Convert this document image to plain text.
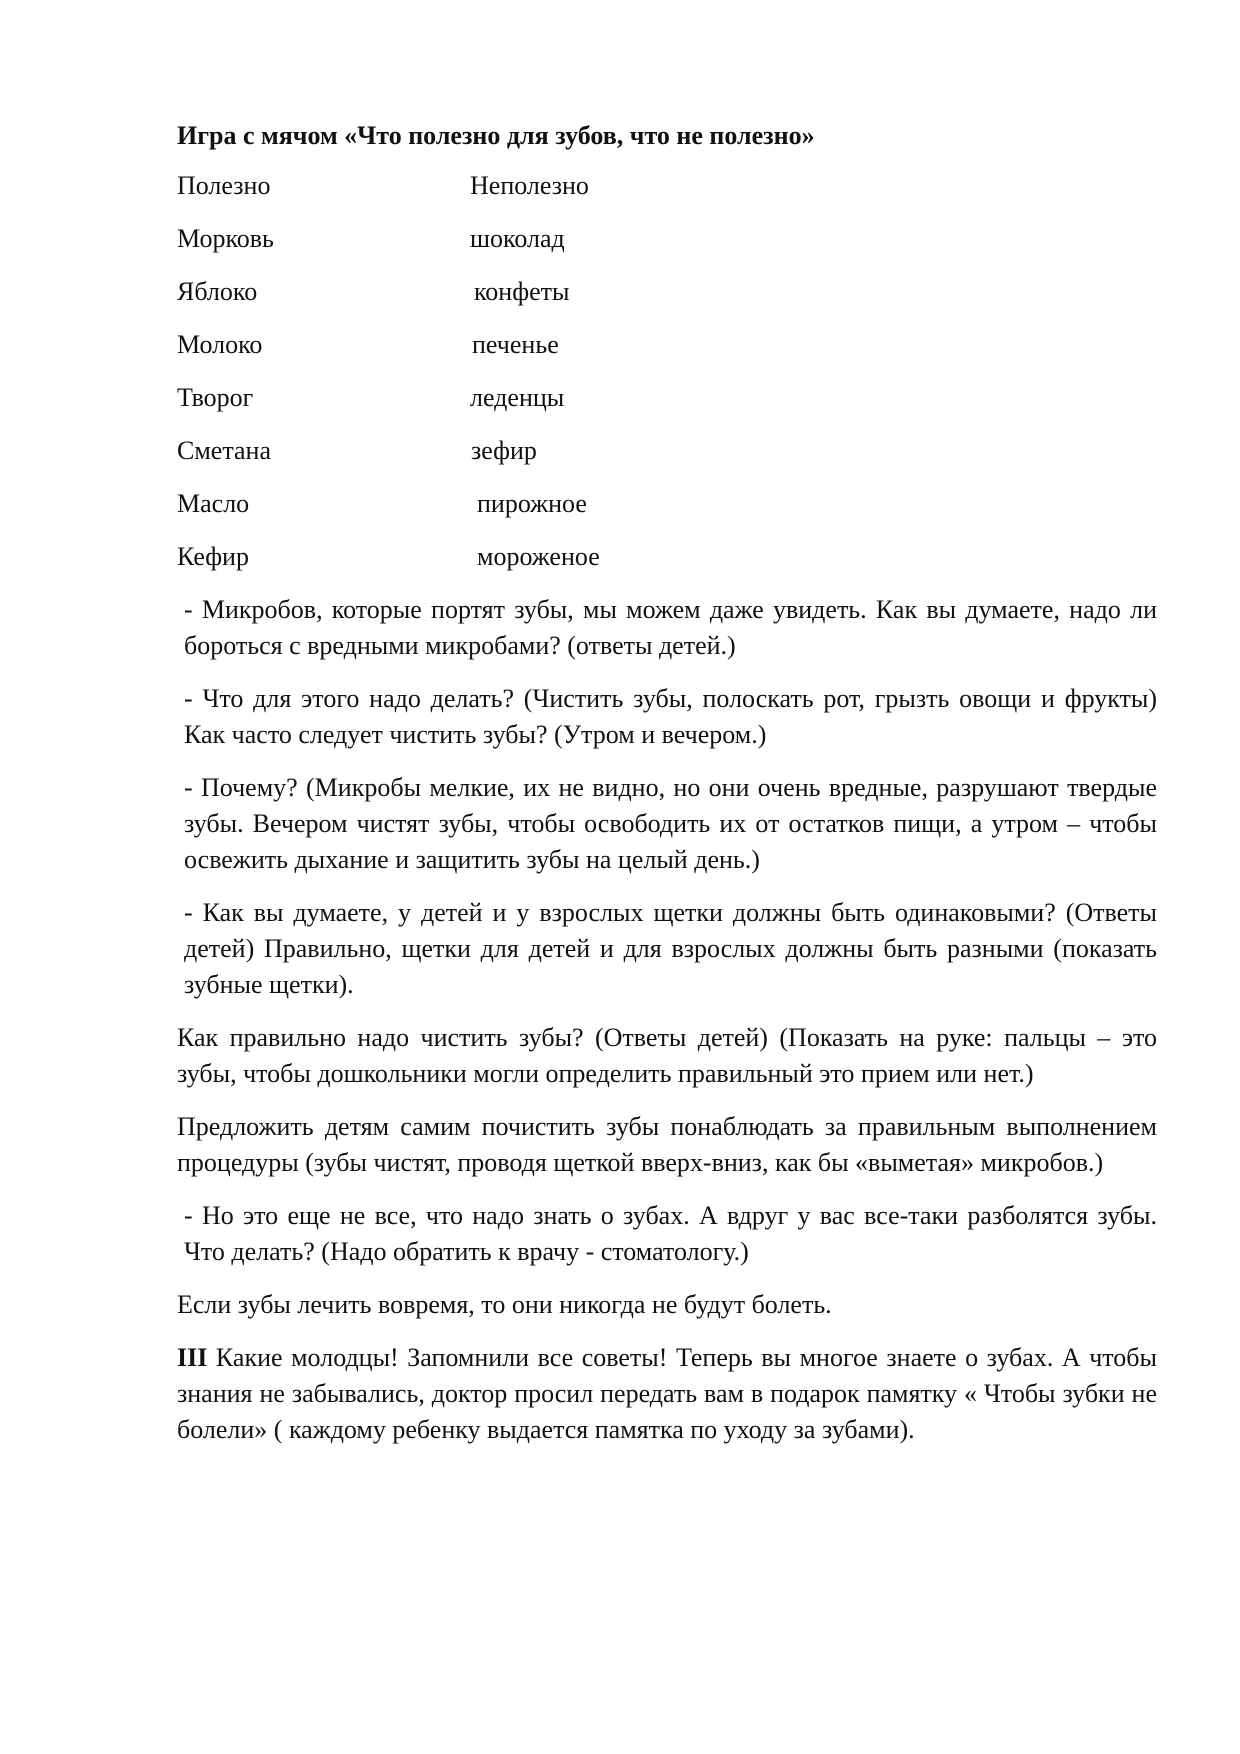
Игра с мячом «Что полезно для зубов, что не полезно»
Полезно	Неполезно
Морковь	шоколад
Яблоко	конфеты
Молоко	печенье
Творог	леденцы
Сметана	зефир
Масло	пирожное
Кефир	мороженое

- Микробов, которые портят зубы, мы можем даже увидеть. Как вы думаете, надо ли бороться с вредными микробами? (ответы детей.)

- Что для этого надо делать? (Чистить зубы, полоскать рот, грызть овощи и фрукты) Как часто следует чистить зубы? (Утром и вечером.)

- Почему? (Микробы мелкие, их не видно, но они очень вредные, разрушают твердые зубы. Вечером чистят зубы, чтобы освободить их от остатков пищи, а утром – чтобы освежить дыхание и защитить зубы на целый день.)

- Как вы думаете, у детей и у взрослых щетки должны быть одинаковыми? (Ответы детей) Правильно, щетки для детей и для взрослых должны быть разными (показать зубные щетки).

Как правильно надо чистить зубы? (Ответы детей) (Показать на руке: пальцы – это зубы, чтобы дошкольники могли определить правильный это прием или нет.)

Предложить детям самим почистить зубы понаблюдать за правильным выполнением процедуры (зубы чистят, проводя щеткой вверх-вниз, как бы «выметая» микробов.)

- Но это еще не все, что надо знать о зубах. А вдруг у вас все-таки разболятся зубы. Что делать? (Надо обратить к врачу - стоматологу.)

Если зубы лечить вовремя, то они никогда не будут болеть.

III Какие молодцы! Запомнили все советы! Теперь вы многое знаете о зубах. А чтобы знания не забывались, доктор просил передать вам в подарок памятку « Чтобы зубки не болели» ( каждому ребенку выдается памятка по уходу за зубами).
